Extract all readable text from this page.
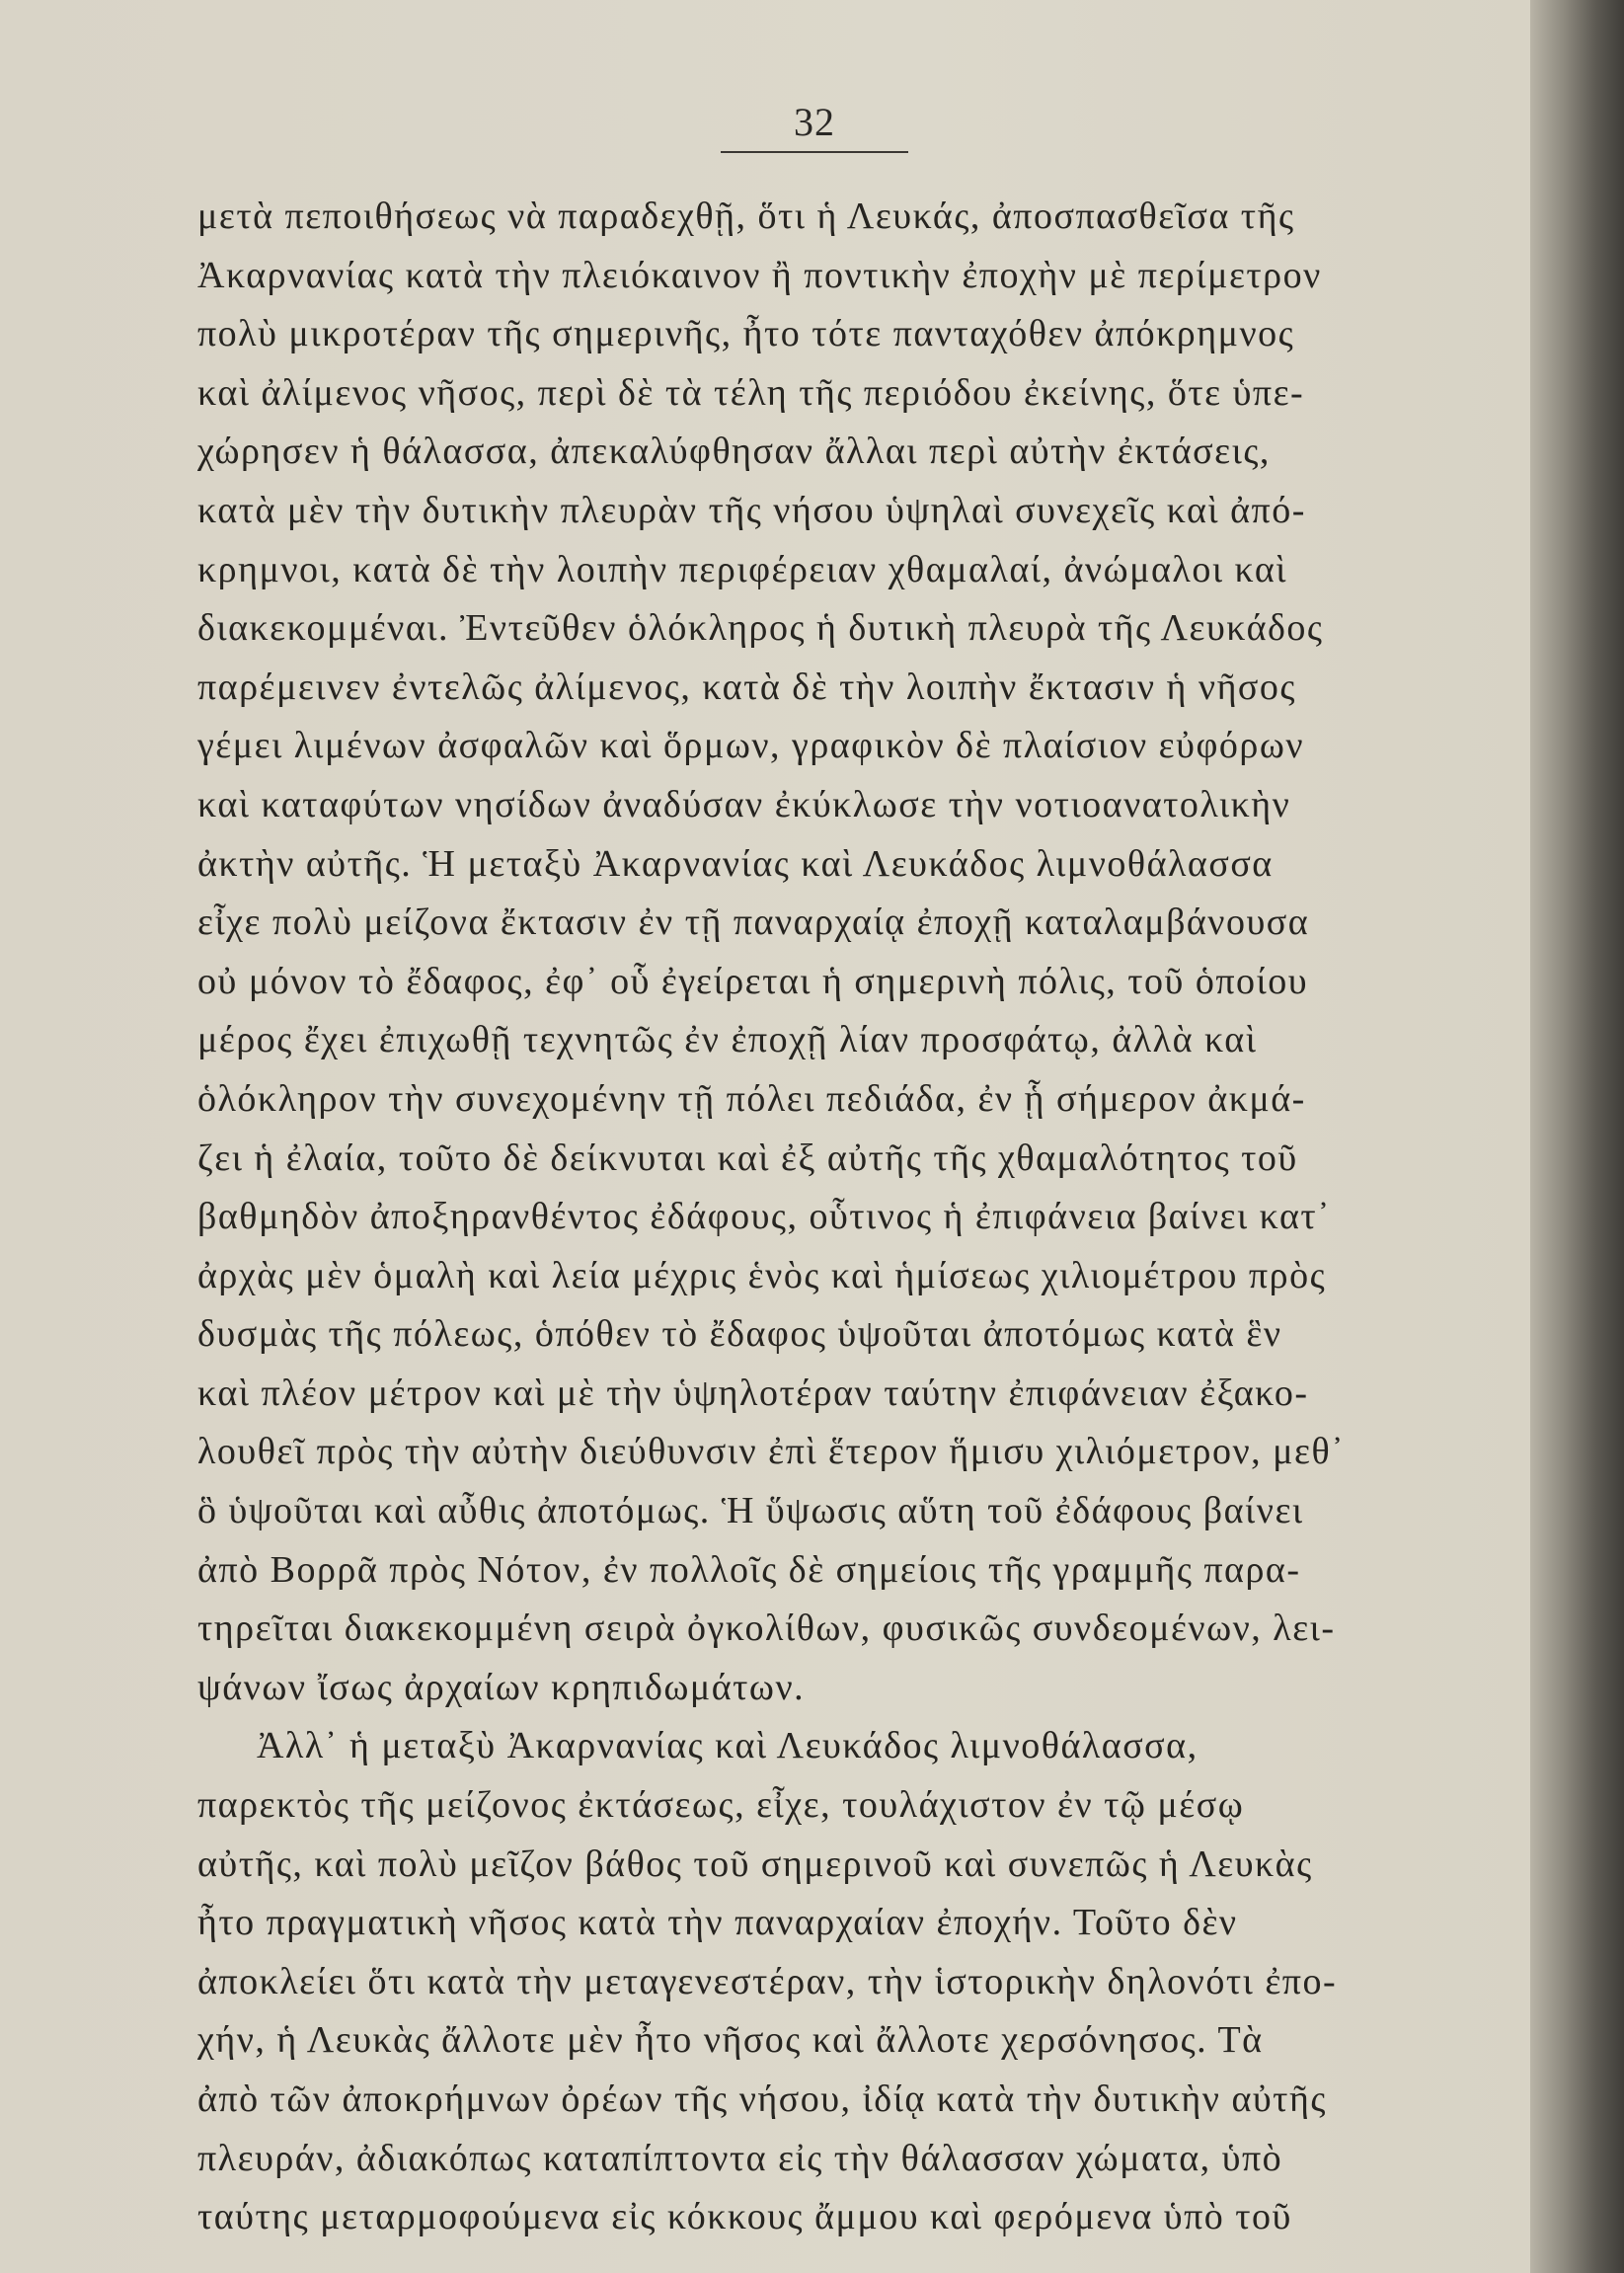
32
μετὰ πεποιθήσεως νὰ παραδεχθῇ, ὅτι ἡ Λευκάς, ἀποσπασθεῖσα τῆς
Ἀκαρνανίας κατὰ τὴν πλειόκαινον ἢ ποντικὴν ἐποχὴν μὲ περίμετρον
πολὺ μικροτέραν τῆς σημερινῆς, ἦτο τότε πανταχόθεν ἀπόκρημνος
καὶ ἀλίμενος νῆσος, περὶ δὲ τὰ τέλη τῆς περιόδου ἐκείνης, ὅτε ὑπε-
χώρησεν ἡ θάλασσα, ἀπεκαλύφθησαν ἄλλαι περὶ αὐτὴν ἐκτάσεις,
κατὰ μὲν τὴν δυτικὴν πλευρὰν τῆς νήσου ὑψηλαὶ συνεχεῖς καὶ ἀπό-
κρημνοι, κατὰ δὲ τὴν λοιπὴν περιφέρειαν χθαμαλαί, ἀνώμαλοι καὶ
διακεκομμέναι. Ἐντεῦθεν ὁλόκληρος ἡ δυτικὴ πλευρὰ τῆς Λευκάδος
παρέμεινεν ἐντελῶς ἀλίμενος, κατὰ δὲ τὴν λοιπὴν ἔκτασιν ἡ νῆσος
γέμει λιμένων ἀσφαλῶν καὶ ὅρμων, γραφικὸν δὲ πλαίσιον εὐφόρων
καὶ καταφύτων νησίδων ἀναδύσαν ἐκύκλωσε τὴν νοτιοανατολικὴν
ἀκτὴν αὐτῆς. Ἡ μεταξὺ Ἀκαρνανίας καὶ Λευκάδος λιμνοθάλασσα
εἶχε πολὺ μείζονα ἔκτασιν ἐν τῇ παναρχαίᾳ ἐποχῇ καταλαμβάνουσα
οὐ μόνον τὸ ἔδαφος, ἐφ᾽ οὗ ἐγείρεται ἡ σημερινὴ πόλις, τοῦ ὁποίου
μέρος ἔχει ἐπιχωθῇ τεχνητῶς ἐν ἐποχῇ λίαν προσφάτῳ, ἀλλὰ καὶ
ὁλόκληρον τὴν συνεχομένην τῇ πόλει πεδιάδα, ἐν ᾗ σήμερον ἀκμά-
ζει ἡ ἐλαία, τοῦτο δὲ δείκνυται καὶ ἐξ αὐτῆς τῆς χθαμαλότητος τοῦ
βαθμηδὸν ἀποξηρανθέντος ἐδάφους, οὗτινος ἡ ἐπιφάνεια βαίνει κατ᾽
ἀρχὰς μὲν ὁμαλὴ καὶ λεία μέχρις ἑνὸς καὶ ἡμίσεως χιλιομέτρου πρὸς
δυσμὰς τῆς πόλεως, ὁπόθεν τὸ ἔδαφος ὑψοῦται ἀποτόμως κατὰ ἓν
καὶ πλέον μέτρον καὶ μὲ τὴν ὑψηλοτέραν ταύτην ἐπιφάνειαν ἐξακο-
λουθεῖ πρὸς τὴν αὐτὴν διεύθυνσιν ἐπὶ ἕτερον ἥμισυ χιλιόμετρον, μεθ᾽
ὃ ὑψοῦται καὶ αὖθις ἀποτόμως. Ἡ ὕψωσις αὕτη τοῦ ἐδάφους βαίνει
ἀπὸ Βορρᾶ πρὸς Νότον, ἐν πολλοῖς δὲ σημείοις τῆς γραμμῆς παρα-
τηρεῖται διακεκομμένη σειρὰ ὀγκολίθων, φυσικῶς συνδεομένων, λει-
ψάνων ἴσως ἀρχαίων κρηπιδωμάτων.
Ἀλλ᾽ ἡ μεταξὺ Ἀκαρνανίας καὶ Λευκάδος λιμνοθάλασσα,
παρεκτὸς τῆς μείζονος ἐκτάσεως, εἶχε, τουλάχιστον ἐν τῷ μέσῳ
αὐτῆς, καὶ πολὺ μεῖζον βάθος τοῦ σημερινοῦ καὶ συνεπῶς ἡ Λευκὰς
ἦτο πραγματικὴ νῆσος κατὰ τὴν παναρχαίαν ἐποχήν. Τοῦτο δὲν
ἀποκλείει ὅτι κατὰ τὴν μεταγενεστέραν, τὴν ἱστορικὴν δηλονότι ἐπο-
χήν, ἡ Λευκὰς ἄλλοτε μὲν ἦτο νῆσος καὶ ἄλλοτε χερσόνησος. Τὰ
ἀπὸ τῶν ἀποκρήμνων ὀρέων τῆς νήσου, ἰδίᾳ κατὰ τὴν δυτικὴν αὐτῆς
πλευράν, ἀδιακόπως καταπίπτοντα εἰς τὴν θάλασσαν χώματα, ὑπὸ
ταύτης μεταρμοφούμενα εἰς κόκκους ἄμμου καὶ φερόμενα ὑπὸ τοῦ
